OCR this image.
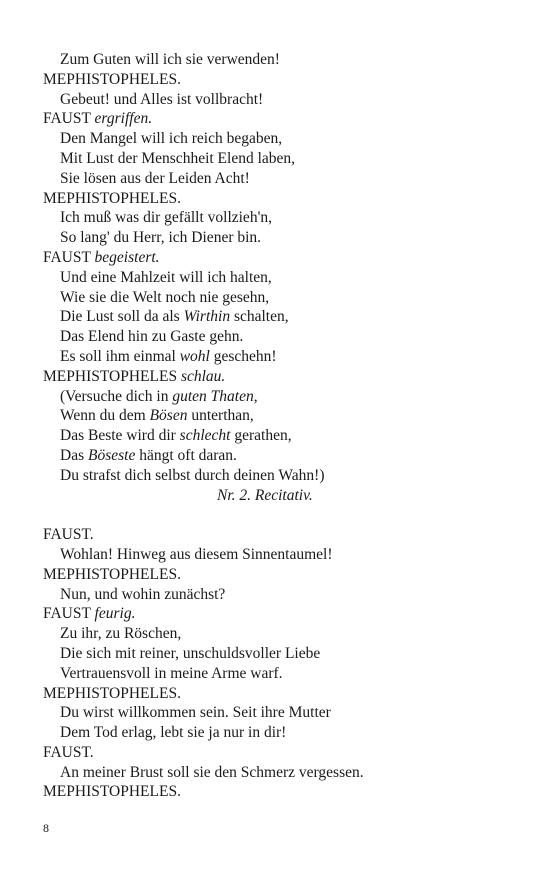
Zum Guten will ich sie verwenden!
MEPHISTOPHELES.
Gebeut! und Alles ist vollbracht!
FAUST ergriffen.
Den Mangel will ich reich begaben,
Mit Lust der Menschheit Elend laben,
Sie lösen aus der Leiden Acht!
MEPHISTOPHELES.
Ich muß was dir gefällt vollzieh'n,
So lang' du Herr, ich Diener bin.
FAUST begeistert.
Und eine Mahlzeit will ich halten,
Wie sie die Welt noch nie gesehn,
Die Lust soll da als Wirthin schalten,
Das Elend hin zu Gaste gehn.
Es soll ihm einmal wohl geschehn!
MEPHISTOPHELES schlau.
(Versuche dich in guten Thaten,
Wenn du dem Bösen unterthan,
Das Beste wird dir schlecht gerathen,
Das Böseste hängt oft daran.
Du strafst dich selbst durch deinen Wahn!)
Nr. 2. Recitativ.
FAUST.
Wohlan! Hinweg aus diesem Sinnentaumel!
MEPHISTOPHELES.
Nun, und wohin zunächst?
FAUST feurig.
Zu ihr, zu Röschen,
Die sich mit reiner, unschuldsvoller Liebe
Vertrauensvoll in meine Arme warf.
MEPHISTOPHELES.
Du wirst willkommen sein. Seit ihre Mutter
Dem Tod erlag, lebt sie ja nur in dir!
FAUST.
An meiner Brust soll sie den Schmerz vergessen.
MEPHISTOPHELES.
8
